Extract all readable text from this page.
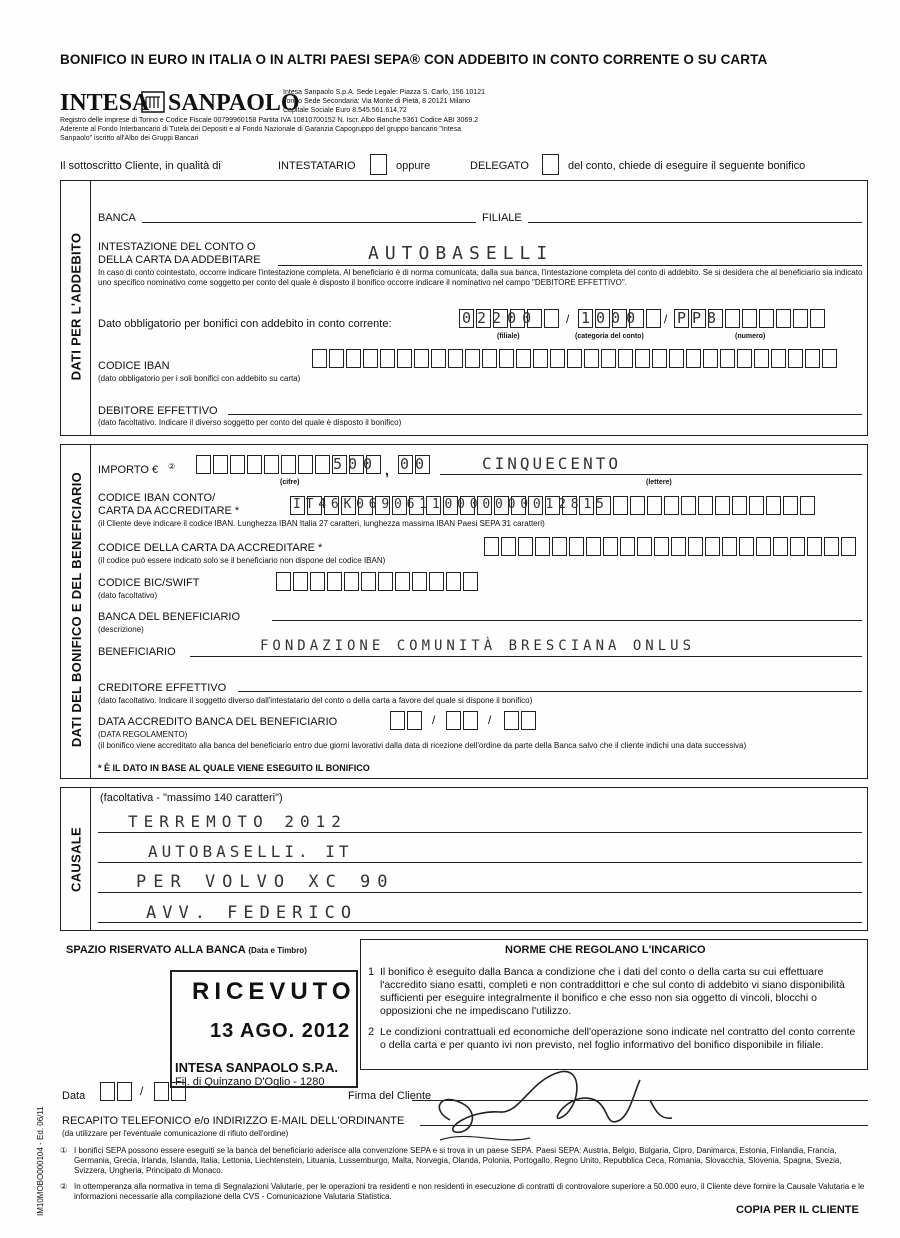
BONIFICO IN EURO IN ITALIA O IN ALTRI PAESI SEPA® CON ADDEBITO IN CONTO CORRENTE O SU CARTA
INTESA SANPAOLO
Intesa Sanpaolo S.p.A. Sede Legale: Piazza S. Carlo, 156 10121 Torino Sede Secondaria: Via Monte di Pietà, 8 20121 Milano Capitale Sociale Euro 8.545.561.614,72
Registro delle imprese di Torino e Codice Fiscale 00799960158 Partita IVA 10810700152 N. Iscr. Albo Banche 5361 Codice ABI 3069.2 Aderente al Fondo Interbancario di Tutela dei Depositi e al Fondo Nazionale di Garanzia Capogruppo del gruppo bancario "Intesa Sanpaolo" iscritto all'Albo dei Gruppi Bancari
Il sottoscritto Cliente, in qualità di	INTESTATARIO	oppure	DELEGATO	del conto, chiede di eseguire il seguente bonifico
DATI PER L'ADDEBITO
BANCA	FILIALE
INTESTAZIONE DEL CONTO O
DELLA CARTA DA ADDEBITARE	AUTOBASELLI
In caso di conto cointestato, occorre indicare l'intestazione completa. Al beneficiario è di norma comunicata, dalla sua banca, l'intestazione completa del conto di addebito. Se si desidera che al beneficiario sia indicato uno specifico nominativo come soggetto per conto del quale è disposto il bonifico occorre indicare il nominativo nel campo "DEBITORE EFFETTIVO".
Dato obbligatorio per bonifici con addebito in conto corrente:	02200 / 1000 / PP8
(filiale)	(categoria del conto)	(numero)
CODICE IBAN
(dato obbligatorio per i soli bonifici con addebito su carta)
DEBITORE EFFETTIVO
(dato facoltativo. Indicare il diverso soggetto per conto del quale è disposto il bonifico)
DATI DEL BONIFICO E DEL BENEFICIARIO
IMPORTO € ②	500 , 00	CINQUECENTO
(cifre)	(lettere)
CODICE IBAN CONTO/
CARTA DA ACCREDITARE *	IT46K06906110000000012815
(il Cliente deve indicare il codice IBAN. Lunghezza IBAN Italia 27 caratteri, lunghezza massima IBAN Paesi SEPA 31 caratteri)
CODICE DELLA CARTA DA ACCREDITARE *
(il codice può essere indicato solo se il beneficiario non dispone del codice IBAN)
CODICE BIC/SWIFT
(dato facoltativo)
BANCA DEL BENEFICIARIO
(descrizione)
BENEFICIARIO	FONDAZIONE COMUNITÀ BRESCIANA ONLUS
CREDITORE EFFETTIVO
(dato facoltativo. Indicare il soggetto diverso dall'intestatario del conto o della carta a favore del quale si dispone il bonifico)
DATA ACCREDITO BANCA DEL BENEFICIARIO
(DATA REGOLAMENTO)
/	/
(il bonifico viene accreditato alla banca del beneficiario entro due giorni lavorativi dalla data di ricezione dell'ordine da parte della Banca salvo che il cliente indichi una data successiva)
* È IL DATO IN BASE AL QUALE VIENE ESEGUITO IL BONIFICO
CAUSALE
(facoltativa - "massimo 140 caratteri")
TERREMOTO 2012
AUTOBASELLI. IT
PER VOLVO XC 90
AVV. FEDERICO
SPAZIO RISERVATO ALLA BANCA (Data e Timbro)
RICEVUTO
13 AGO. 2012
INTESA SANPAOLO S.P.A.
Fil. di Quinzano D'Oglio - 1280
NORME CHE REGOLANO L'INCARICO
1 Il bonifico è eseguito dalla Banca a condizione che i dati del conto o della carta su cui effettuare l'accredito siano esatti, completi e non contraddittori e che sul conto di addebito vi siano disponibilità sufficienti per eseguire integralmente il bonifico e che esso non sia oggetto di vincoli, blocchi o opposizioni che ne impediscano l'utilizzo.
2 Le condizioni contrattuali ed economiche dell'operazione sono indicate nel contratto del conto corrente o della carta e per quanto ivi non previsto, nel foglio informativo del bonifico disponibile in filiale.
Data	/	Firma del Cliente
RECAPITO TELEFONICO e/o INDIRIZZO E-MAIL DELL'ORDINANTE
(da utilizzare per l'eventuale comunicazione di rifiuto dell'ordine)
① I bonifici SEPA possono essere eseguiti se la banca del beneficiario aderisce alla convenzione SEPA e si trova in un paese SEPA. Paesi SEPA: Austria, Belgio, Bulgaria, Cipro, Danimarca, Estonia, Finlandia, Francia, Germania, Grecia, Irlanda, Islanda, Italia, Lettonia, Liechtenstein, Lituania, Lussemburgo, Malta, Norvegia, Olanda, Polonia, Portogallo, Regno Unito, Repubblica Ceca, Romania, Slovacchia, Slovenia, Spagna, Svezia, Svizzera, Ungheria, Principato di Monaco.
② In ottemperanza alla normativa in tema di Segnalazioni Valutarie, per le operazioni tra residenti e non residenti in esecuzione di contratti di controvalore superiore a 50.000 euro, il Cliente deve fornire la Causale Valutaria e le informazioni necessarie alla compilazione della CVS - Comunicazione Valutaria Statistica.
IM10MOBO000104 - Ed. 06/11	COPIA PER IL CLIENTE
